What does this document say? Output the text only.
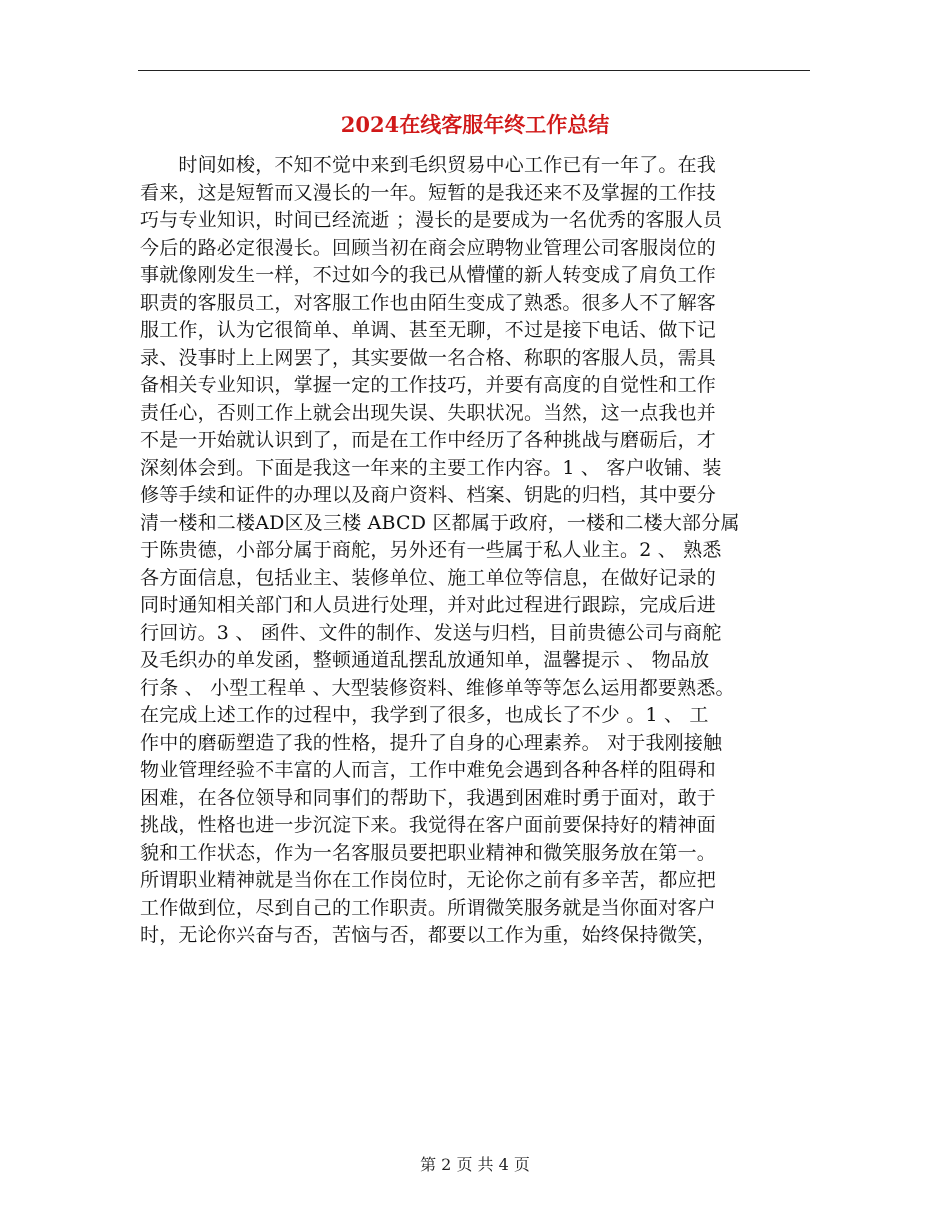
2024在线客服年终工作总结
　　时间如梭，不知不觉中来到毛织贸易中心工作已有一年了。在我
看来，这是短暂而又漫长的一年。短暂的是我还来不及掌握的工作技
巧与专业知识，时间已经流逝 ；漫长的是要成为一名优秀的客服人员
今后的路必定很漫长。回顾当初在商会应聘物业管理公司客服岗位的
事就像刚发生一样，不过如今的我已从懵懂的新人转变成了肩负工作
职责的客服员工，对客服工作也由陌生变成了熟悉。很多人不了解客
服工作，认为它很简单、单调、甚至无聊，不过是接下电话、做下记
录、没事时上上网罢了，其实要做一名合格、称职的客服人员，需具
备相关专业知识，掌握一定的工作技巧，并要有高度的自觉性和工作
责任心，否则工作上就会出现失误、失职状况。当然，这一点我也并
不是一开始就认识到了，而是在工作中经历了各种挑战与磨砺后，才
深刻体会到。下面是我这一年来的主要工作内容。1 、 客户收铺、装
修等手续和证件的办理以及商户资料、档案、钥匙的归档，其中要分
清一楼和二楼AD区及三楼 ABCD 区都属于政府，一楼和二楼大部分属
于陈贵德，小部分属于商舵，另外还有一些属于私人业主。2 、 熟悉
各方面信息，包括业主、装修单位、施工单位等信息，在做好记录的
同时通知相关部门和人员进行处理，并对此过程进行跟踪，完成后进
行回访。3 、 函件、文件的制作、发送与归档，目前贵德公司与商舵
及毛织办的单发函，整顿通道乱摆乱放通知单，温馨提示 、 物品放
行条 、 小型工程单 、大型装修资料、维修单等等怎么运用都要熟悉。
在完成上述工作的过程中，我学到了很多，也成长了不少 。1 、 工
作中的磨砺塑造了我的性格，提升了自身的心理素养。 对于我刚接触
物业管理经验不丰富的人而言，工作中难免会遇到各种各样的阻碍和
困难，在各位领导和同事们的帮助下，我遇到困难时勇于面对，敢于
挑战，性格也进一步沉淀下来。我觉得在客户面前要保持好的精神面
貌和工作状态，作为一名客服员要把职业精神和微笑服务放在第一。
所谓职业精神就是当你在工作岗位时，无论你之前有多辛苦，都应把
工作做到位，尽到自己的工作职责。所谓微笑服务就是当你面对客户
时，无论你兴奋与否，苦恼与否，都要以工作为重，始终保持微笑，

第 2 页 共 4 页
